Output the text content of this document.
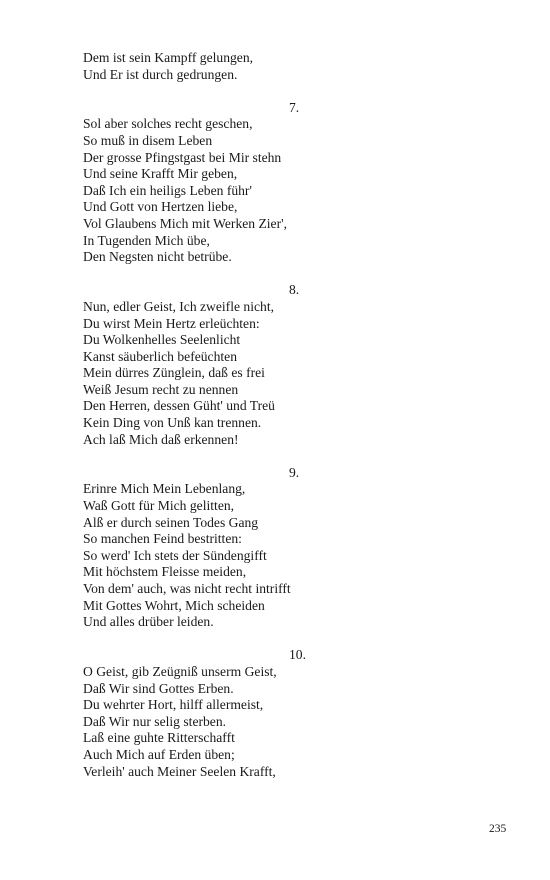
Dem ist sein Kampff gelungen,
Und Er ist durch gedrungen.
7.
Sol aber solches recht geschen,
So muß in disem Leben
Der grosse Pfingstgast bei Mir stehn
Und seine Krafft Mir geben,
Daß Ich ein heiligs Leben führ'
Und Gott von Hertzen liebe,
Vol Glaubens Mich mit Werken Zier',
In Tugenden Mich übe,
Den Negsten nicht betrübe.
8.
Nun, edler Geist, Ich zweifle nicht,
Du wirst Mein Hertz erleüchten:
Du Wolkenhelles Seelenlicht
Kanst säuberlich befeüchten
Mein dürres Zünglein, daß es frei
Weiß Jesum recht zu nennen
Den Herren, dessen Güht' und Treü
Kein Ding von Unß kan trennen.
Ach laß Mich daß erkennen!
9.
Erinre Mich Mein Lebenlang,
Waß Gott für Mich gelitten,
Alß er durch seinen Todes Gang
So manchen Feind bestritten:
So werd' Ich stets der Sündengifft
Mit höchstem Fleisse meiden,
Von dem' auch, was nicht recht intrifft
Mit Gottes Wohrt, Mich scheiden
Und alles drüber leiden.
10.
O Geist, gib Zeügniß unserm Geist,
Daß Wir sind Gottes Erben.
Du wehrter Hort, hilff allermeist,
Daß Wir nur selig sterben.
Laß eine guhte Ritterschafft
Auch Mich auf Erden üben;
Verleih' auch Meiner Seelen Krafft,
235
